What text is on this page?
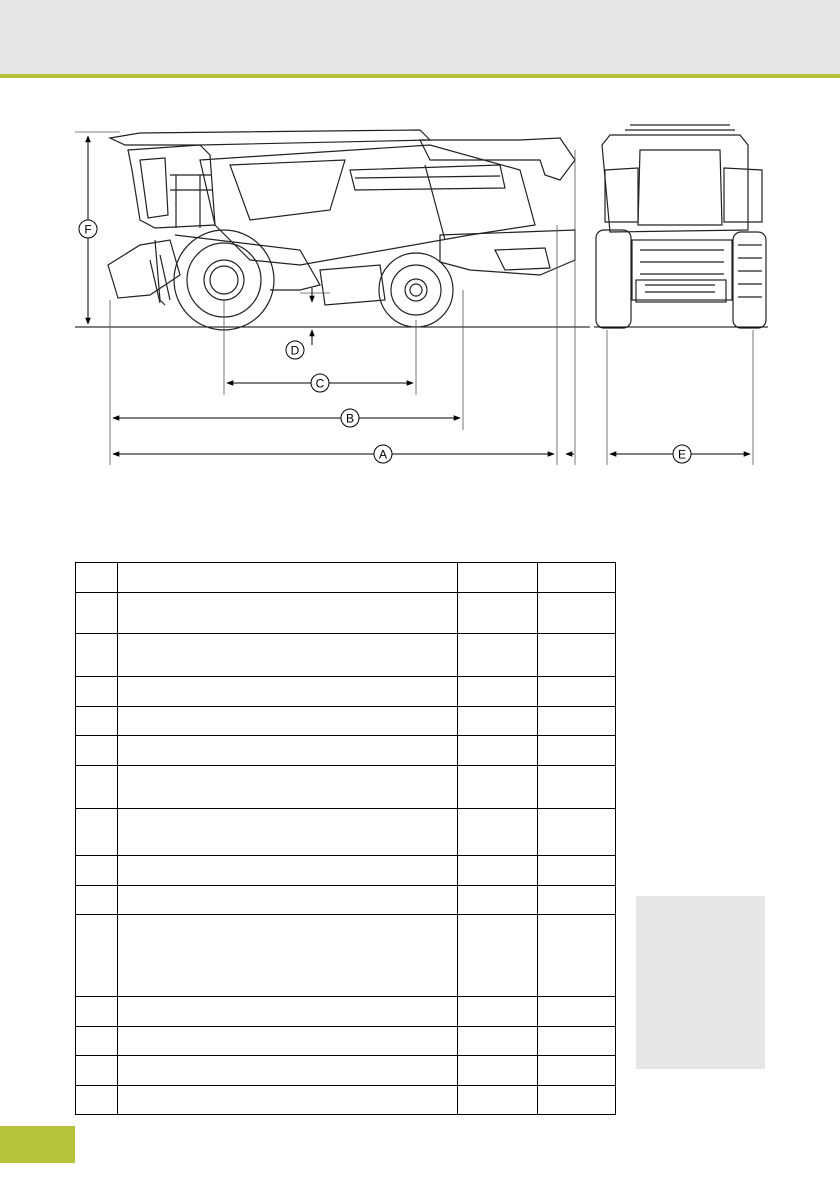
F
D
C
B
A	E
